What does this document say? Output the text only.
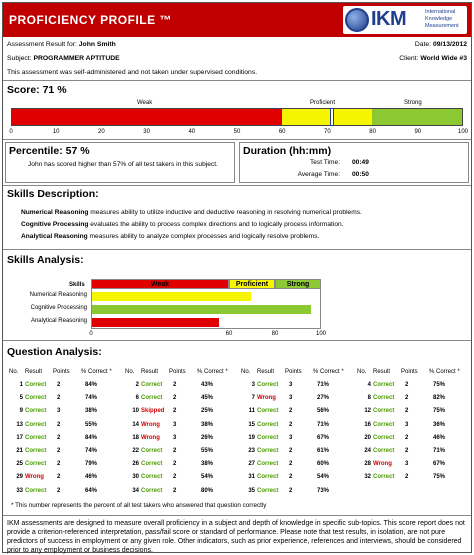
PROFICIENCY PROFILE ™	IKM	International
Knowledge
Measurement
Assessment Result for: John Smith	Date: 09/13/2012
Subject: PROGRAMMER APTITUDE	Client: World Wide #3
This assessment was self-administered and not taken under supervised conditions.
Score: 71 %
Weak	Proficient	Strong
0	10	20	30	40	50	60	70	80	90	100
Percentile: 57 %
John has scored higher than 57% of all test takers in this subject.
Duration (hh:mm)
Test Time: 00:49
Average Time: 00:50
Skills Description:
Numerical Reasoning measures ability to utilize inductive and deductive reasoning in resolving numerical problems.
Cognitive Processing evaluates the ability to process complex directions and to logically process information.
Analytical Reasoning measures ability to analyze complex processes and logically resolve problems.
Skills Analysis:
Skills	Weak	Proficient	Strong
Numerical Reasoning
Cognitive Processing
Analytical Reasoning
0	60	80	100
Question Analysis:
No. Result Points % Correct *
1 Correct 2	84%
5 Correct 2	74%
9 Correct 3	38%
13 Correct 2	55%
17 Correct 2	84%
21 Correct 2	74%
25 Correct 2	79%
29 Wrong 2	46%
33 Correct 2	64%
No. Result Points % Correct *
2 Correct 2	43%
6 Correct 2	45%
10 Skipped 2	25%
14 Wrong 3	38%
18 Wrong 3	26%
22 Correct 2	55%
26 Correct 2	38%
30 Correct 2	54%
34 Correct 2	80%
No. Result Points % Correct *
3 Correct 3	71%
7 Wrong 3	27%
11 Correct 2	56%
15 Correct 2	71%
19 Correct 3	67%
23 Correct 2	61%
27 Correct 2	60%
31 Correct 2	54%
35 Correct 2	73%
No. Result Points % Correct *
4 Correct 2	75%
8 Correct 2	82%
12 Correct 2	75%
16 Correct 3	36%
20 Correct 2	46%
24 Correct 2	71%
28 Wrong 3	67%
32 Correct 2	75%
* This number represents the percent of all test takers who answered that question correctly
IKM assessments are designed to measure overall proficiency in a subject and depth of knowledge in specific sub-topics. This score report does not provide a criterion-referenced interpretation, pass/fail score or standard of performance. Please note that test results, in isolation, are not pure predictors of success in employment or any given role. Other indicators, such as prior experience, references and interviews, should be considered prior to any employment or business decisions.
